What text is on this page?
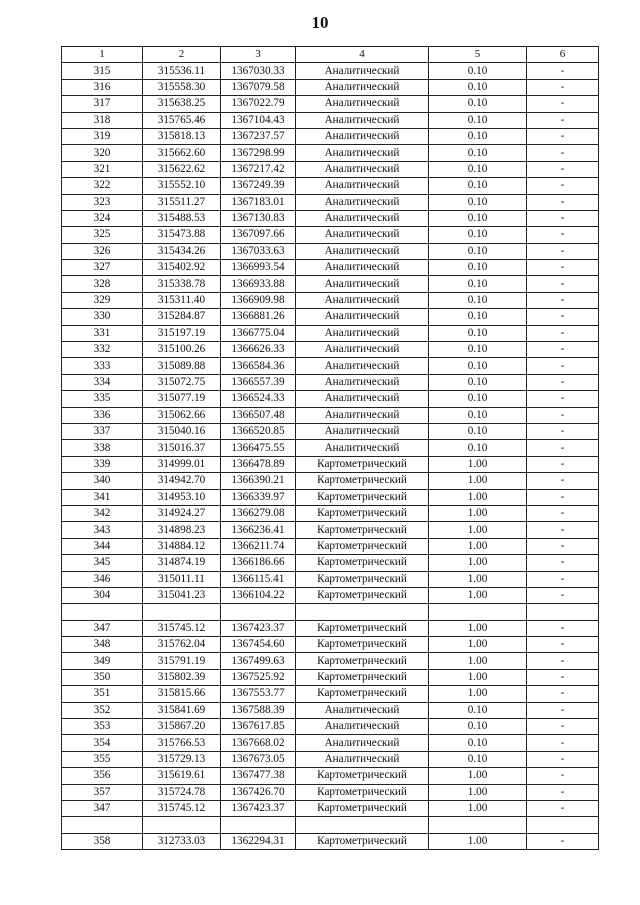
10
1	2	3	4	5	6
315	315536.11	1367030.33	Аналитический	0.10	-
316	315558.30	1367079.58	Аналитический	0.10	-
317	315638.25	1367022.79	Аналитический	0.10	-
318	315765.46	1367104.43	Аналитический	0.10	-
319	315818.13	1367237.57	Аналитический	0.10	-
320	315662.60	1367298.99	Аналитический	0.10	-
321	315622.62	1367217.42	Аналитический	0.10	-
322	315552.10	1367249.39	Аналитический	0.10	-
323	315511.27	1367183.01	Аналитический	0.10	-
324	315488.53	1367130.83	Аналитический	0.10	-
325	315473.88	1367097.66	Аналитический	0.10	-
326	315434.26	1367033.63	Аналитический	0.10	-
327	315402.92	1366993.54	Аналитический	0.10	-
328	315338.78	1366933.88	Аналитический	0.10	-
329	315311.40	1366909.98	Аналитический	0.10	-
330	315284.87	1366881.26	Аналитический	0.10	-
331	315197.19	1366775.04	Аналитический	0.10	-
332	315100.26	1366626.33	Аналитический	0.10	-
333	315089.88	1366584.36	Аналитический	0.10	-
334	315072.75	1366557.39	Аналитический	0.10	-
335	315077.19	1366524.33	Аналитический	0.10	-
336	315062.66	1366507.48	Аналитический	0.10	-
337	315040.16	1366520.85	Аналитический	0.10	-
338	315016.37	1366475.55	Аналитический	0.10	-
339	314999.01	1366478.89	Картометрический	1.00	-
340	314942.70	1366390.21	Картометрический	1.00	-
341	314953.10	1366339.97	Картометрический	1.00	-
342	314924.27	1366279.08	Картометрический	1.00	-
343	314898.23	1366236.41	Картометрический	1.00	-
344	314884.12	1366211.74	Картометрический	1.00	-
345	314874.19	1366186.66	Картометрический	1.00	-
346	315011.11	1366115.41	Картометрический	1.00	-
304	315041.23	1366104.22	Картометрический	1.00	-

347	315745.12	1367423.37	Картометрический	1.00	-
348	315762.04	1367454.60	Картометрический	1.00	-
349	315791.19	1367499.63	Картометрический	1.00	-
350	315802.39	1367525.92	Картометрический	1.00	-
351	315815.66	1367553.77	Картометрический	1.00	-
352	315841.69	1367588.39	Аналитический	0.10	-
353	315867.20	1367617.85	Аналитический	0.10	-
354	315766.53	1367668.02	Аналитический	0.10	-
355	315729.13	1367673.05	Аналитический	0.10	-
356	315619.61	1367477.38	Картометрический	1.00	-
357	315724.78	1367426.70	Картометрический	1.00	-
347	315745.12	1367423.37	Картометрический	1.00	-

358	312733.03	1362294.31	Картометрический	1.00	-
